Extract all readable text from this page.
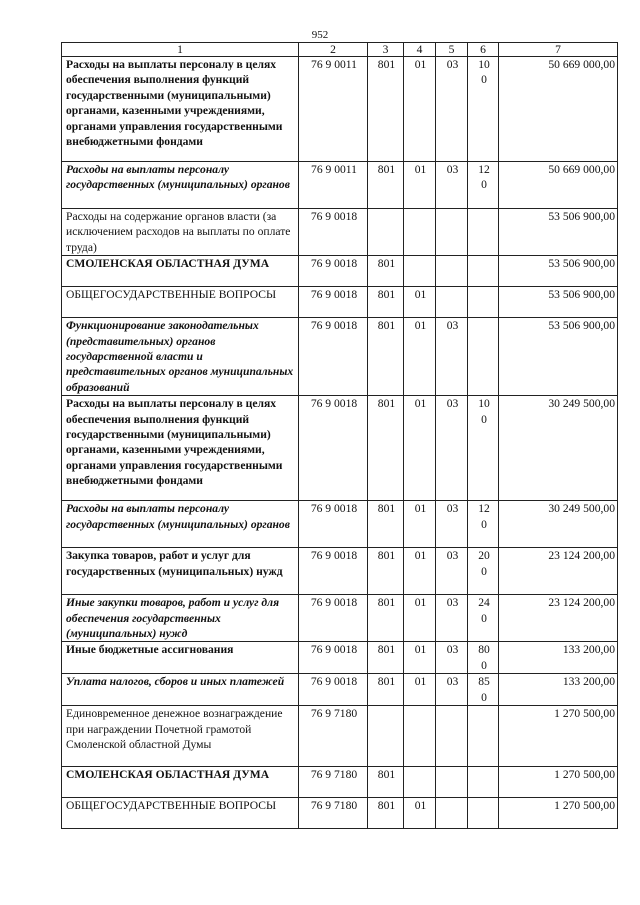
952
1	2	3	4	5	6	7
Расходы на выплаты персоналу в целях обеспечения выполнения функций государственными (муниципальными) органами, казенными учреждениями, органами управления государственными внебюджетными фондами	76 9 0011	801	01	03	100	50 669 000,00
Расходы на выплаты персоналу государственных (муниципальных) органов	76 9 0011	801	01	03	120	50 669 000,00
Расходы на содержание органов власти (за исключением расходов на выплаты по оплате труда)	76 9 0018					53 506 900,00
СМОЛЕНСКАЯ ОБЛАСТНАЯ ДУМА	76 9 0018	801				53 506 900,00
ОБЩЕГОСУДАРСТВЕННЫЕ ВОПРОСЫ	76 9 0018	801	01			53 506 900,00
Функционирование законодательных (представительных) органов государственной власти и представительных органов муниципальных образований	76 9 0018	801	01	03		53 506 900,00
Расходы на выплаты персоналу в целях обеспечения выполнения функций государственными (муниципальными) органами, казенными учреждениями, органами управления государственными внебюджетными фондами	76 9 0018	801	01	03	100	30 249 500,00
Расходы на выплаты персоналу государственных (муниципальных) органов	76 9 0018	801	01	03	120	30 249 500,00
Закупка товаров, работ и услуг для государственных (муниципальных) нужд	76 9 0018	801	01	03	200	23 124 200,00
Иные закупки товаров, работ и услуг для обеспечения государственных (муниципальных) нужд	76 9 0018	801	01	03	240	23 124 200,00
Иные бюджетные ассигнования	76 9 0018	801	01	03	800	133 200,00
Уплата налогов, сборов и иных платежей	76 9 0018	801	01	03	850	133 200,00
Единовременное денежное вознаграждение при награждении Почетной грамотой Смоленской областной Думы	76 9 7180					1 270 500,00
СМОЛЕНСКАЯ ОБЛАСТНАЯ ДУМА	76 9 7180	801				1 270 500,00
ОБЩЕГОСУДАРСТВЕННЫЕ ВОПРОСЫ	76 9 7180	801	01			1 270 500,00
